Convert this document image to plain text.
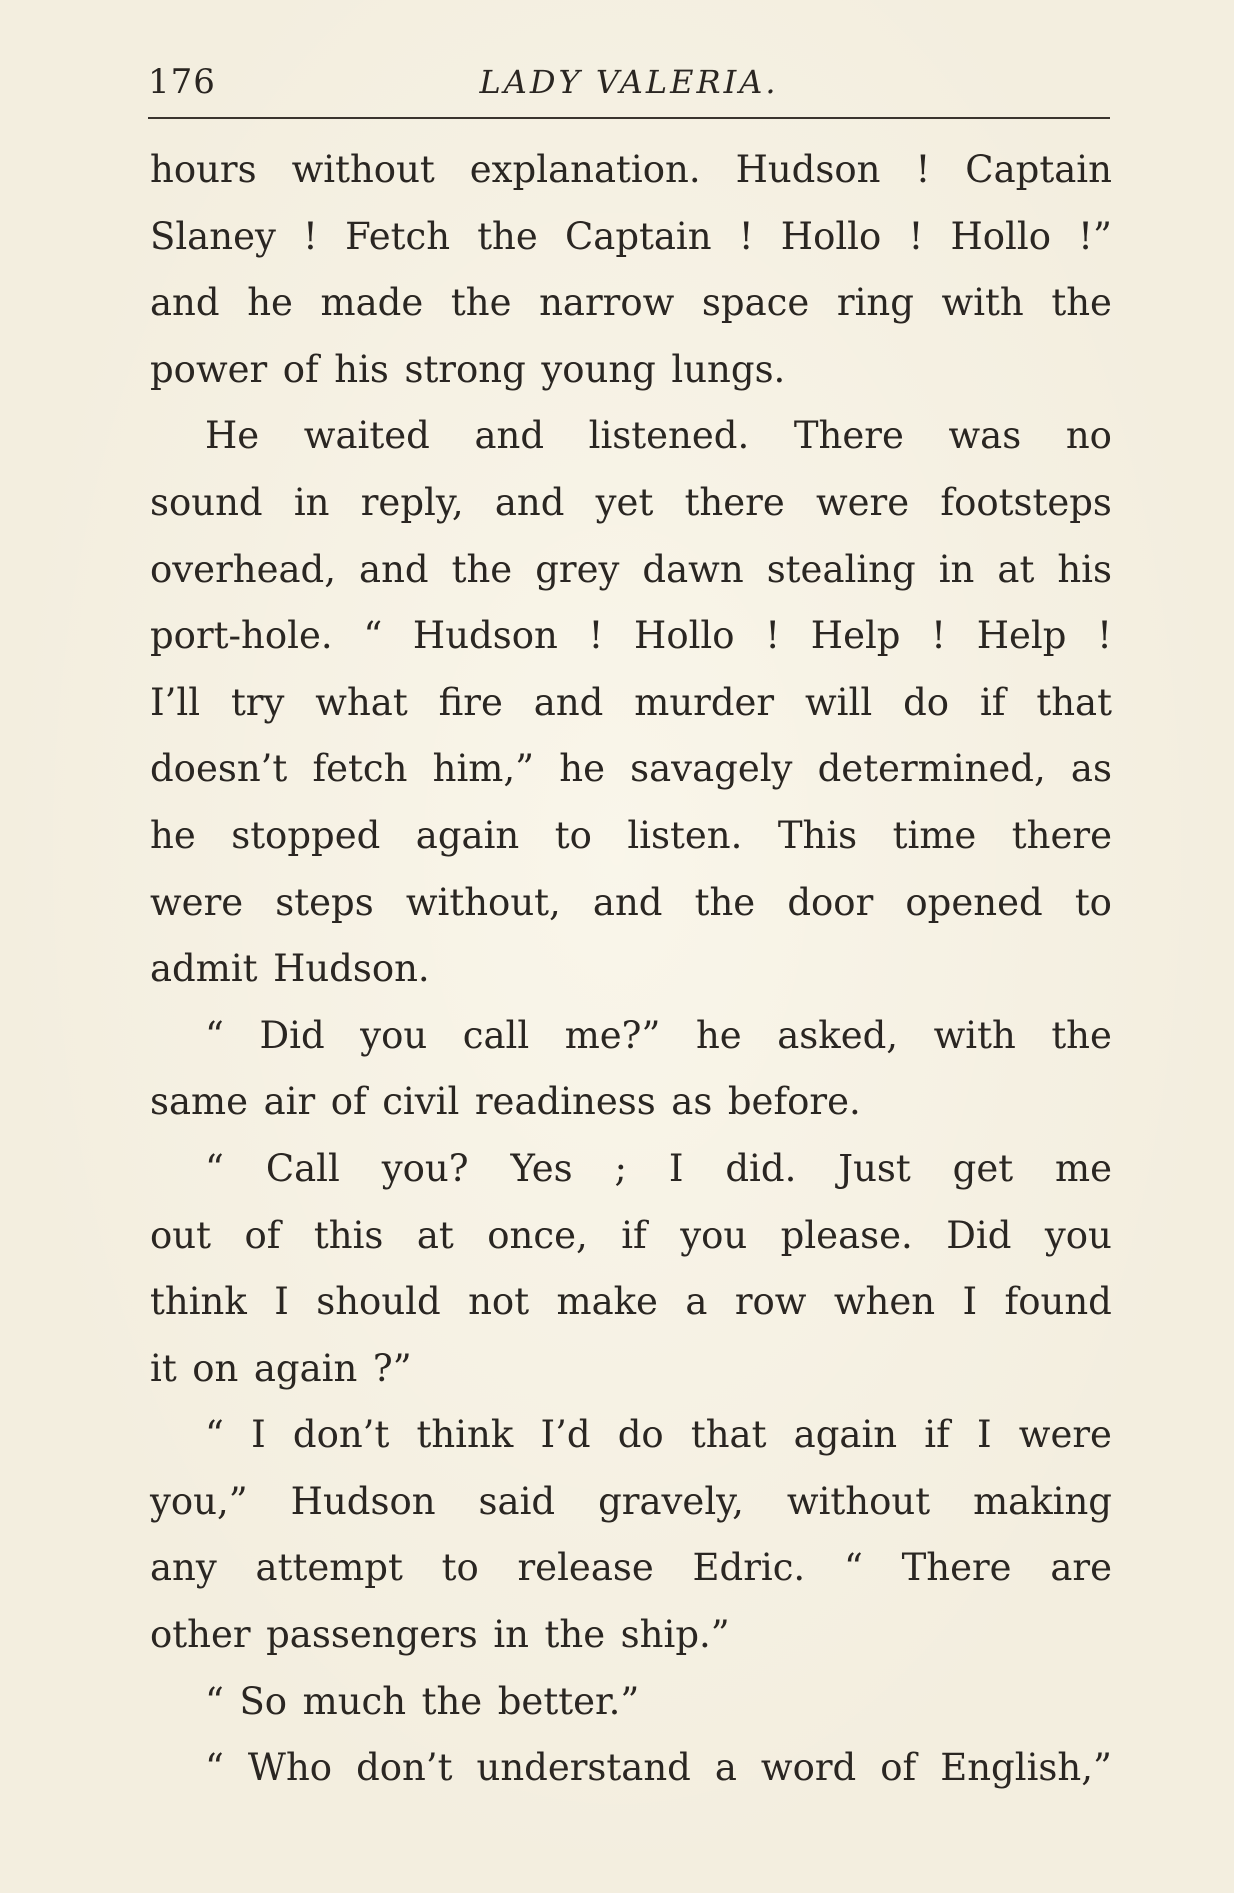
176	LADY VALERIA.
hours without explanation. Hudson ! Captain
Slaney ! Fetch the Captain ! Hollo ! Hollo !”
and he made the narrow space ring with the
power of his strong young lungs.
He waited and listened. There was no
sound in reply, and yet there were footsteps
overhead, and the grey dawn stealing in at his
port-hole. “ Hudson ! Hollo ! Help ! Help !
I’ll try what fire and murder will do if that
doesn’t fetch him,” he savagely determined, as
he stopped again to listen. This time there
were steps without, and the door opened to
admit Hudson.
“ Did you call me?” he asked, with the
same air of civil readiness as before.
“ Call you? Yes ; I did. Just get me
out of this at once, if you please. Did you
think I should not make a row when I found
it on again ?”
“ I don’t think I’d do that again if I were
you,” Hudson said gravely, without making
any attempt to release Edric. “ There are
other passengers in the ship.”
“ So much the better.”
“ Who don’t understand a word of English,”
